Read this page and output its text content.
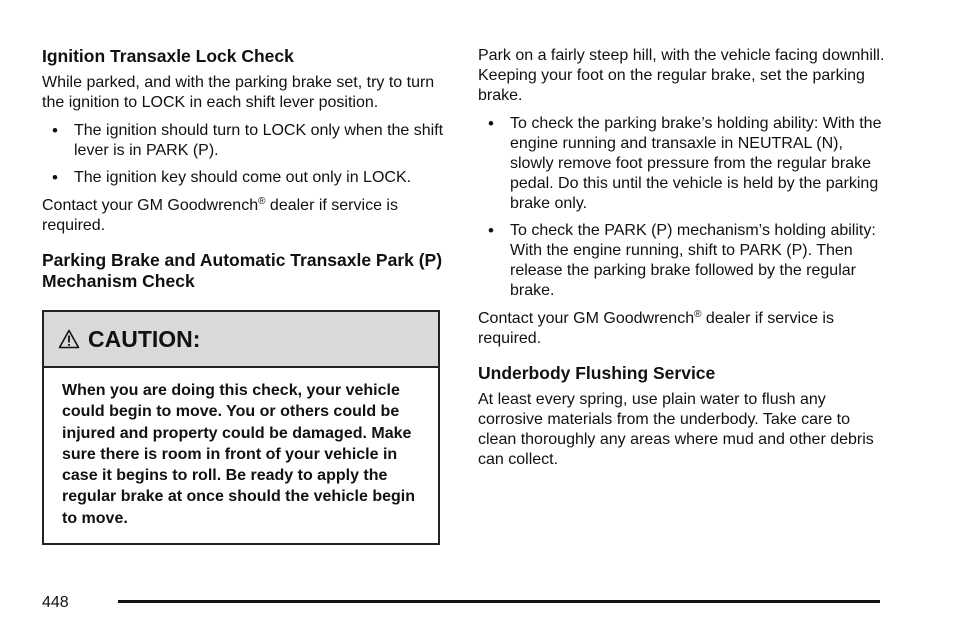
Ignition Transaxle Lock Check

While parked, and with the parking brake set, try to turn the ignition to LOCK in each shift lever position.

• The ignition should turn to LOCK only when the shift lever is in PARK (P).
• The ignition key should come out only in LOCK.

Contact your GM Goodwrench® dealer if service is required.

Parking Brake and Automatic Transaxle Park (P) Mechanism Check
CAUTION:
When you are doing this check, your vehicle could begin to move. You or others could be injured and property could be damaged. Make sure there is room in front of your vehicle in case it begins to roll. Be ready to apply the regular brake at once should the vehicle begin to move.

Park on a fairly steep hill, with the vehicle facing downhill. Keeping your foot on the regular brake, set the parking brake.

• To check the parking brake’s holding ability: With the engine running and transaxle in NEUTRAL (N), slowly remove foot pressure from the regular brake pedal. Do this until the vehicle is held by the parking brake only.
• To check the PARK (P) mechanism’s holding ability: With the engine running, shift to PARK (P). Then release the parking brake followed by the regular brake.

Contact your GM Goodwrench® dealer if service is required.

Underbody Flushing Service

At least every spring, use plain water to flush any corrosive materials from the underbody. Take care to clean thoroughly any areas where mud and other debris can collect.

448
